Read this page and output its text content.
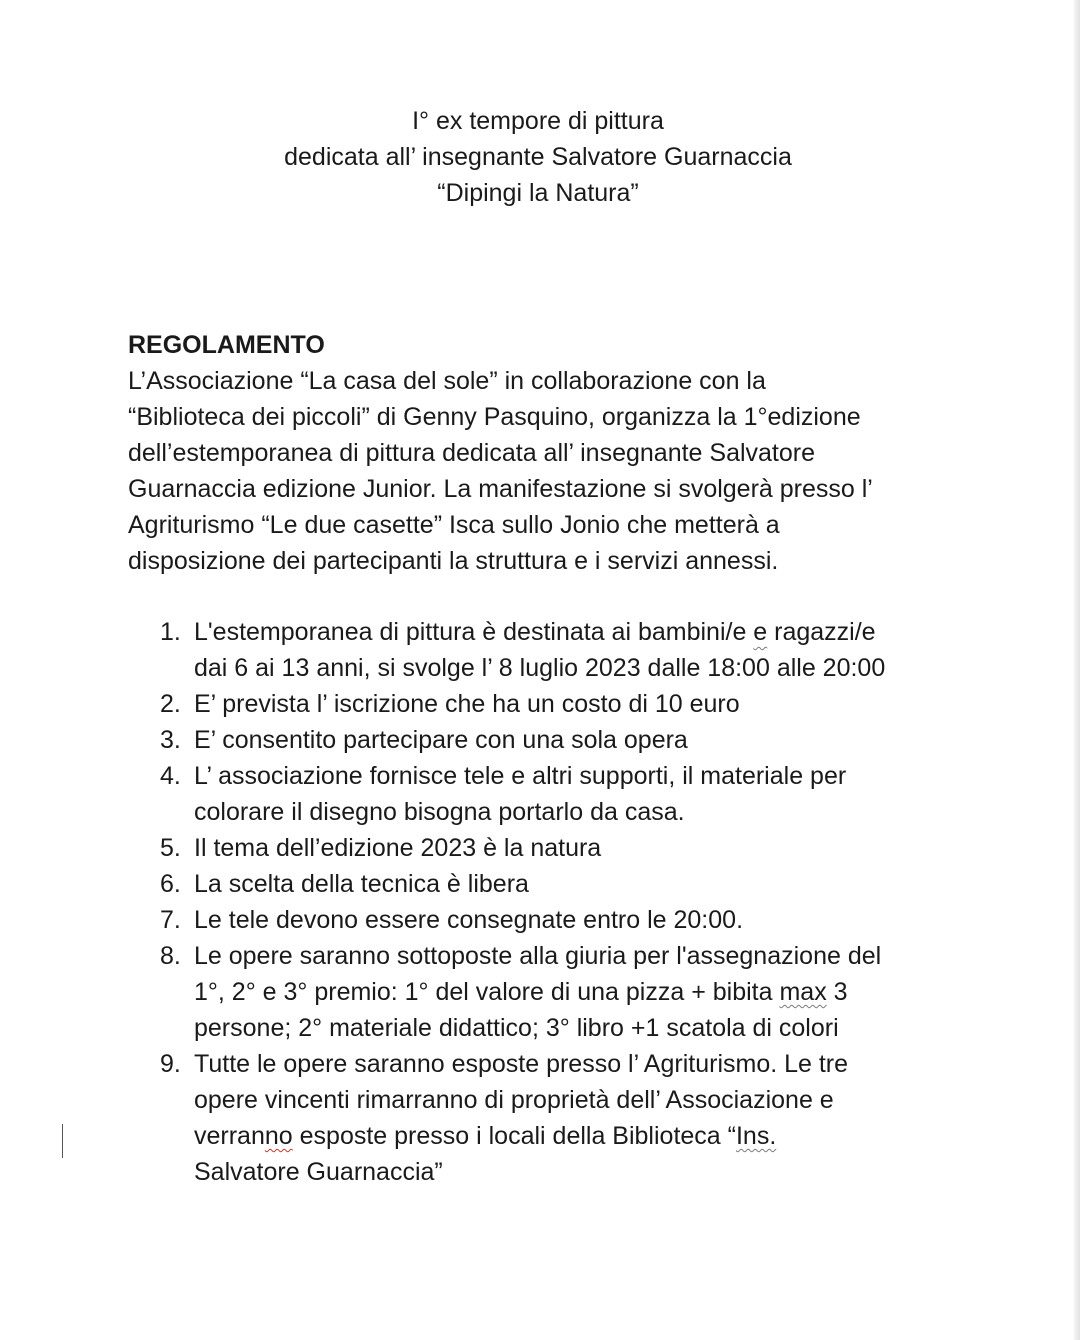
I° ex tempore di pittura
dedicata all’ insegnante Salvatore Guarnaccia
“Dipingi la Natura”
REGOLAMENTO
L’Associazione “La casa del sole” in collaborazione con la
“Biblioteca dei piccoli” di Genny Pasquino, organizza la 1°edizione
dell’estemporanea di pittura dedicata all’ insegnante Salvatore
Guarnaccia edizione Junior. La manifestazione si svolgerà presso l’
Agriturismo “Le due casette” Isca sullo Jonio che metterà a
disposizione dei partecipanti la struttura e i servizi annessi.
1. L'estemporanea di pittura è destinata ai bambini/e e ragazzi/e
dai 6 ai 13 anni, si svolge l’ 8 luglio 2023 dalle 18:00 alle 20:00
2. E’ prevista l’ iscrizione che ha un costo di 10 euro
3. E’ consentito partecipare con una sola opera
4. L’ associazione fornisce tele e altri supporti, il materiale per
colorare il disegno bisogna portarlo da casa.
5. Il tema dell’edizione 2023 è la natura
6. La scelta della tecnica è libera
7. Le tele devono essere consegnate entro le 20:00.
8. Le opere saranno sottoposte alla giuria per l'assegnazione del
1°, 2° e 3° premio: 1° del valore di una pizza + bibita max 3
persone; 2° materiale didattico; 3° libro +1 scatola di colori
9. Tutte le opere saranno esposte presso l’ Agriturismo. Le tre
opere vincenti rimarranno di proprietà dell’ Associazione e
verranno esposte presso i locali della Biblioteca “Ins.
Salvatore Guarnaccia”
